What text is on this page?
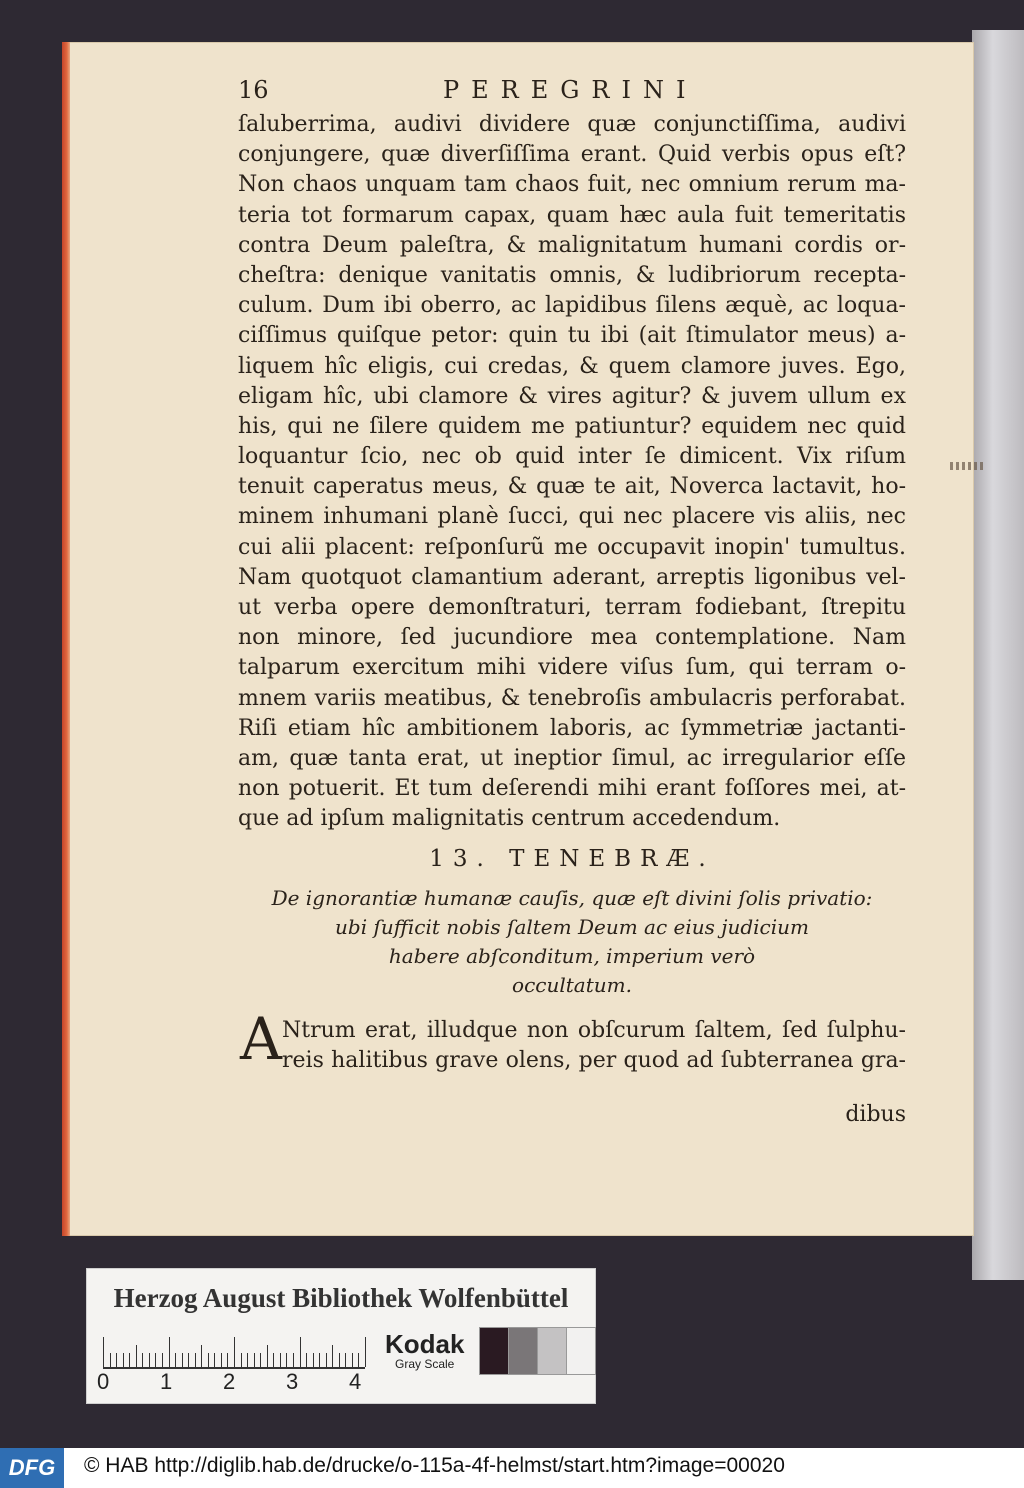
16	PEREGRINI
ſaluberrima, audivi dividere quæ conjunctiſſima, audivi
conjungere, quæ diverſiſſima erant. Quid verbis opus eſt?
Non chaos unquam tam chaos fuit, nec omnium rerum ma-
teria tot formarum capax, quam hæc aula fuit temeritatis
contra Deum paleſtra, & malignitatum humani cordis or-
cheſtra: denique vanitatis omnis, & ludibriorum recepta-
culum. Dum ibi oberro, ac lapidibus ſilens æquè, ac loqua-
ciſſimus quiſque petor: quin tu ibi (ait ſtimulator meus) a-
liquem hîc eligis, cui credas, & quem clamore juves. Ego,
eligam hîc, ubi clamore & vires agitur? & juvem ullum ex
his, qui ne ſilere quidem me patiuntur? equidem nec quid
loquantur ſcio, nec ob quid inter ſe dimicent. Vix riſum
tenuit caperatus meus, & quæ te ait, Noverca lactavit, ho-
minem inhumani planè ſucci, qui nec placere vis aliis, nec
cui alii placent: reſponſurũ me occupavit inopin' tumultus.
Nam quotquot clamantium aderant, arreptis ligonibus vel-
ut verba opere demonſtraturi, terram fodiebant, ſtrepitu
non minore, ſed jucundiore mea contemplatione. Nam
talparum exercitum mihi videre viſus ſum, qui terram o-
mnem variis meatibus, & tenebroſis ambulacris perforabat.
Riſi etiam hîc ambitionem laboris, ac ſymmetriæ jactanti-
am, quæ tanta erat, ut ineptior ſimul, ac irregularior eſſe
non potuerit. Et tum deſerendi mihi erant foſſores mei, at-
que ad ipſum malignitatis centrum accedendum.
13. TENEBRÆ.
De ignorantiæ humanæ cauſis, quæ eſt divini ſolis privatio:
ubi ſufficit nobis ſaltem Deum ac eius judicium
habere abſconditum, imperium verò
occultatum.
A Ntrum erat, illudque non obſcurum ſaltem, ſed ſulphu-
reis halitibus grave olens, per quod ad ſubterranea gra-
dibus
Herzog August Bibliothek Wolfenbüttel
0 1 2 3 4
Kodak
Gray Scale
DFG	© HAB http://diglib.hab.de/drucke/o-115a-4f-helmst/start.htm?image=00020
